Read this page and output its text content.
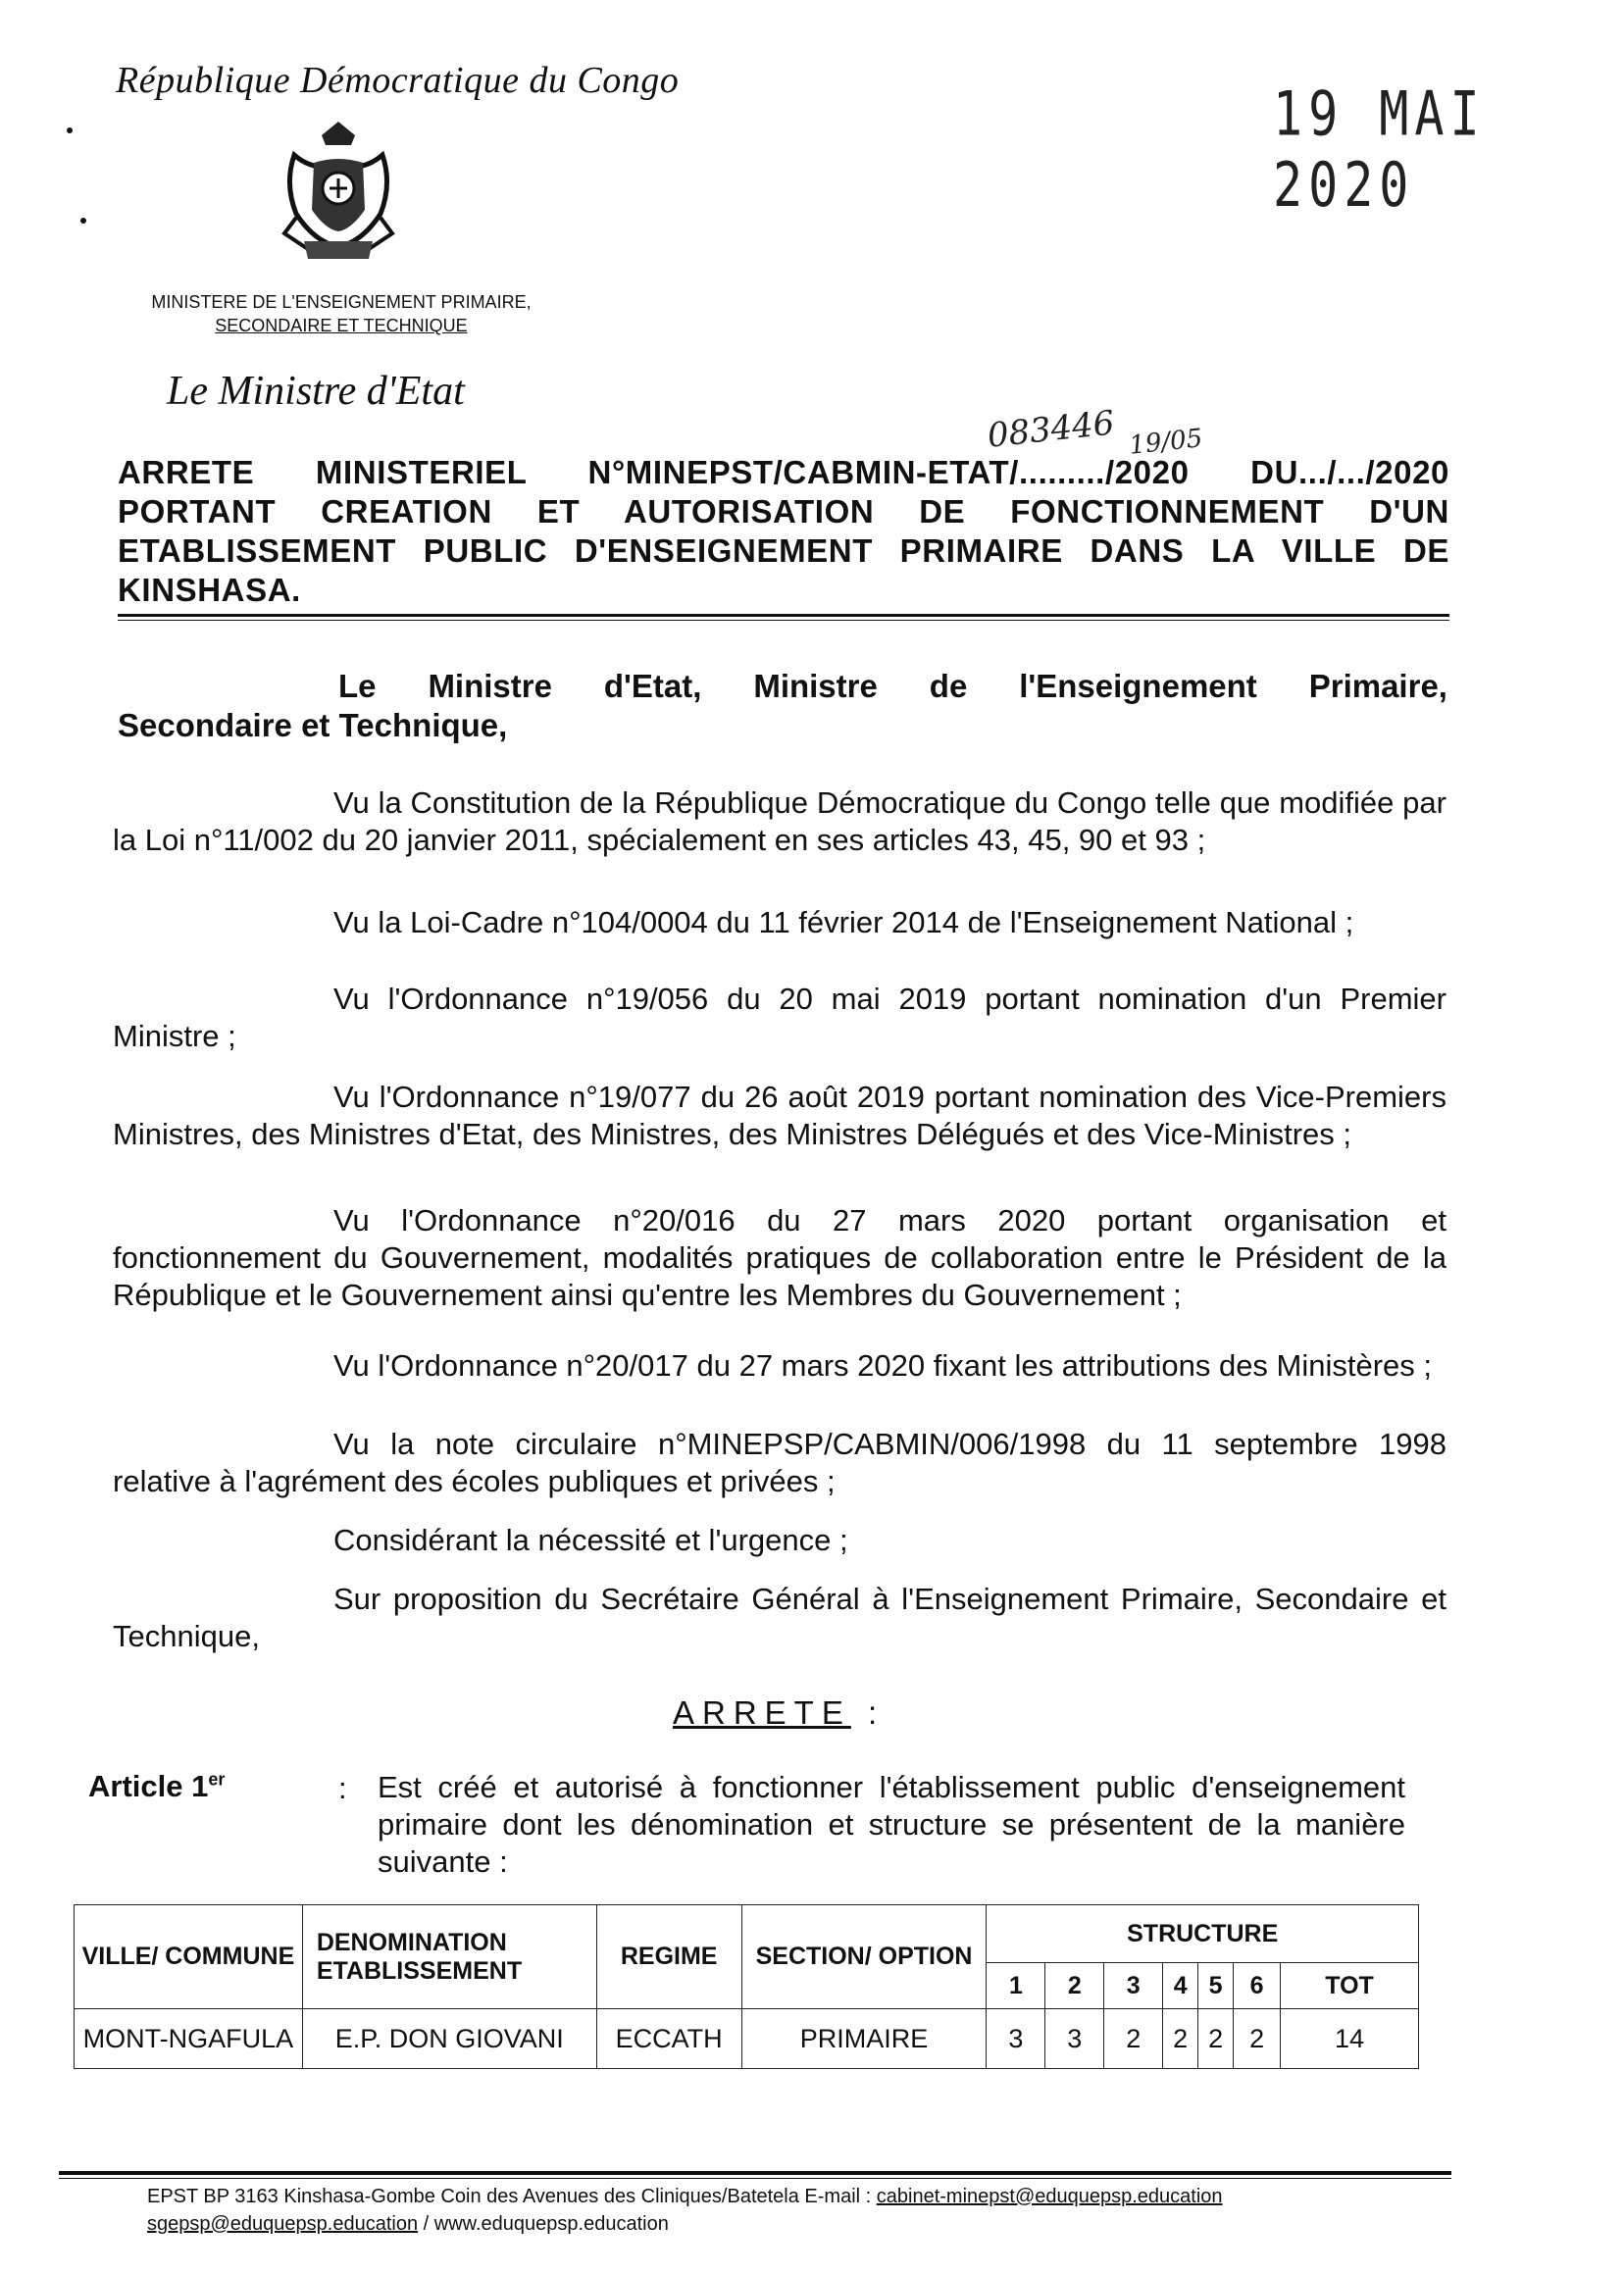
République Démocratique du Congo	19 MAI 2020
MINISTERE DE L'ENSEIGNEMENT PRIMAIRE,
SECONDAIRE ET TECHNIQUE
Le Ministre d'Etat
083446 19/05

ARRETE MINISTERIEL N°MINEPST/CABMIN-ETAT/........./2020 DU.../.../2020

PORTANT CREATION ET AUTORISATION DE FONCTIONNEMENT D'UN

ETABLISSEMENT PUBLIC D'ENSEIGNEMENT PRIMAIRE DANS LA VILLE DE

KINSHASA.

Le Ministre d'Etat, Ministre de l'Enseignement Primaire,
Secondaire et Technique,
Vu la Constitution de la République Démocratique du Congo telle que modifiée par la Loi n°11/002 du 20 janvier 2011, spécialement en ses articles 43, 45, 90 et 93 ;
Vu la Loi-Cadre n°104/0004 du 11 février 2014 de l'Enseignement National ;
Vu l'Ordonnance n°19/056 du 20 mai 2019 portant nomination d'un Premier Ministre ;
Vu l'Ordonnance n°19/077 du 26 août 2019 portant nomination des Vice-Premiers Ministres, des Ministres d'Etat, des Ministres, des Ministres Délégués et des Vice-Ministres ;
Vu l'Ordonnance n°20/016 du 27 mars 2020 portant organisation et fonctionnement du Gouvernement, modalités pratiques de collaboration entre le Président de la République et le Gouvernement ainsi qu'entre les Membres du Gouvernement ;
Vu l'Ordonnance n°20/017 du 27 mars 2020 fixant les attributions des Ministères ;
Vu la note circulaire n°MINEPSP/CABMIN/006/1998 du 11 septembre 1998 relative à l'agrément des écoles publiques et privées ;
Considérant la nécessité et l'urgence ;
Sur proposition du Secrétaire Général à l'Enseignement Primaire, Secondaire et Technique,
ARRETE :
Article 1er	: Est créé et autorisé à fonctionner l'établissement public d'enseignement primaire dont les dénomination et structure se présentent de la manière suivante :
VILLE/ COMMUNE	DENOMINATION ETABLISSEMENT	REGIME	SECTION/ OPTION	STRUCTURE						
				1	2	3	4	5	6	TOT
MONT-NGAFULA	E.P. DON GIOVANI	ECCATH	PRIMAIRE	3	3	2	2	2	2	14
EPST BP 3163 Kinshasa-Gombe Coin des Avenues des Cliniques/Batetela E-mail : cabinet-minepst@eduquepsp.education
sgepsp@eduquepsp.education / www.eduquepsp.education
